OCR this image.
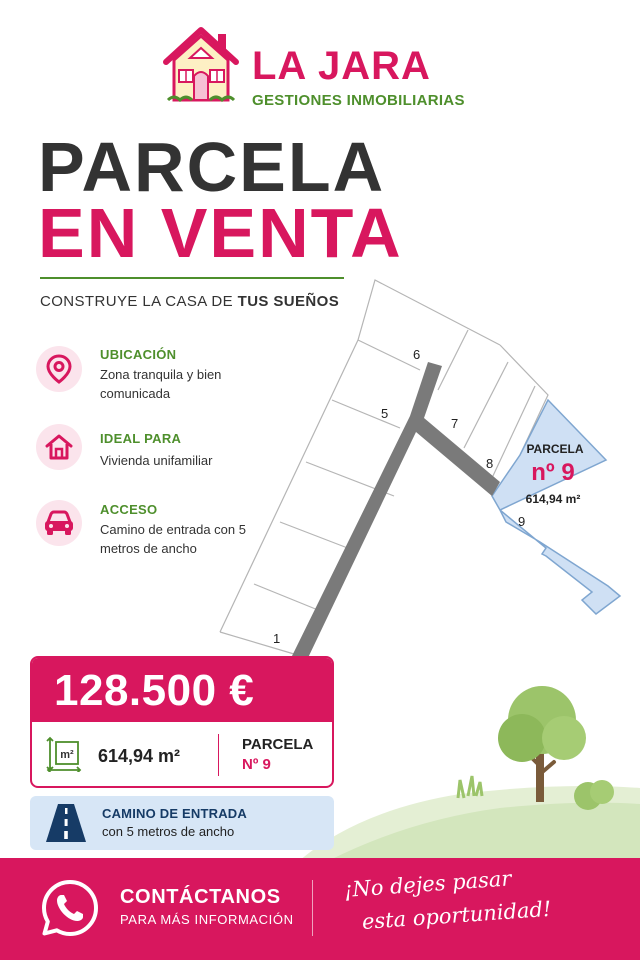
LA JARA
GESTIONES INMOBILIARIAS
PARCELA
EN VENTA
CONSTRUYE LA CASA DE TUS SUEÑOS
UBICACIÓN
Zona tranquila y bien comunicada
IDEAL PARA
Vivienda unifamiliar
ACCESO
Camino de entrada con 5 metros de ancho
1
5
6
7
8
9
PARCELA
nº 9
614,94 m²
128.500 €
m² 614,94 m²
PARCELA
Nº 9
CAMINO DE ENTRADA
con 5 metros de ancho
CONTÁCTANOS
PARA MÁS INFORMACIÓN
¡No dejes pasar
esta oportunidad!
